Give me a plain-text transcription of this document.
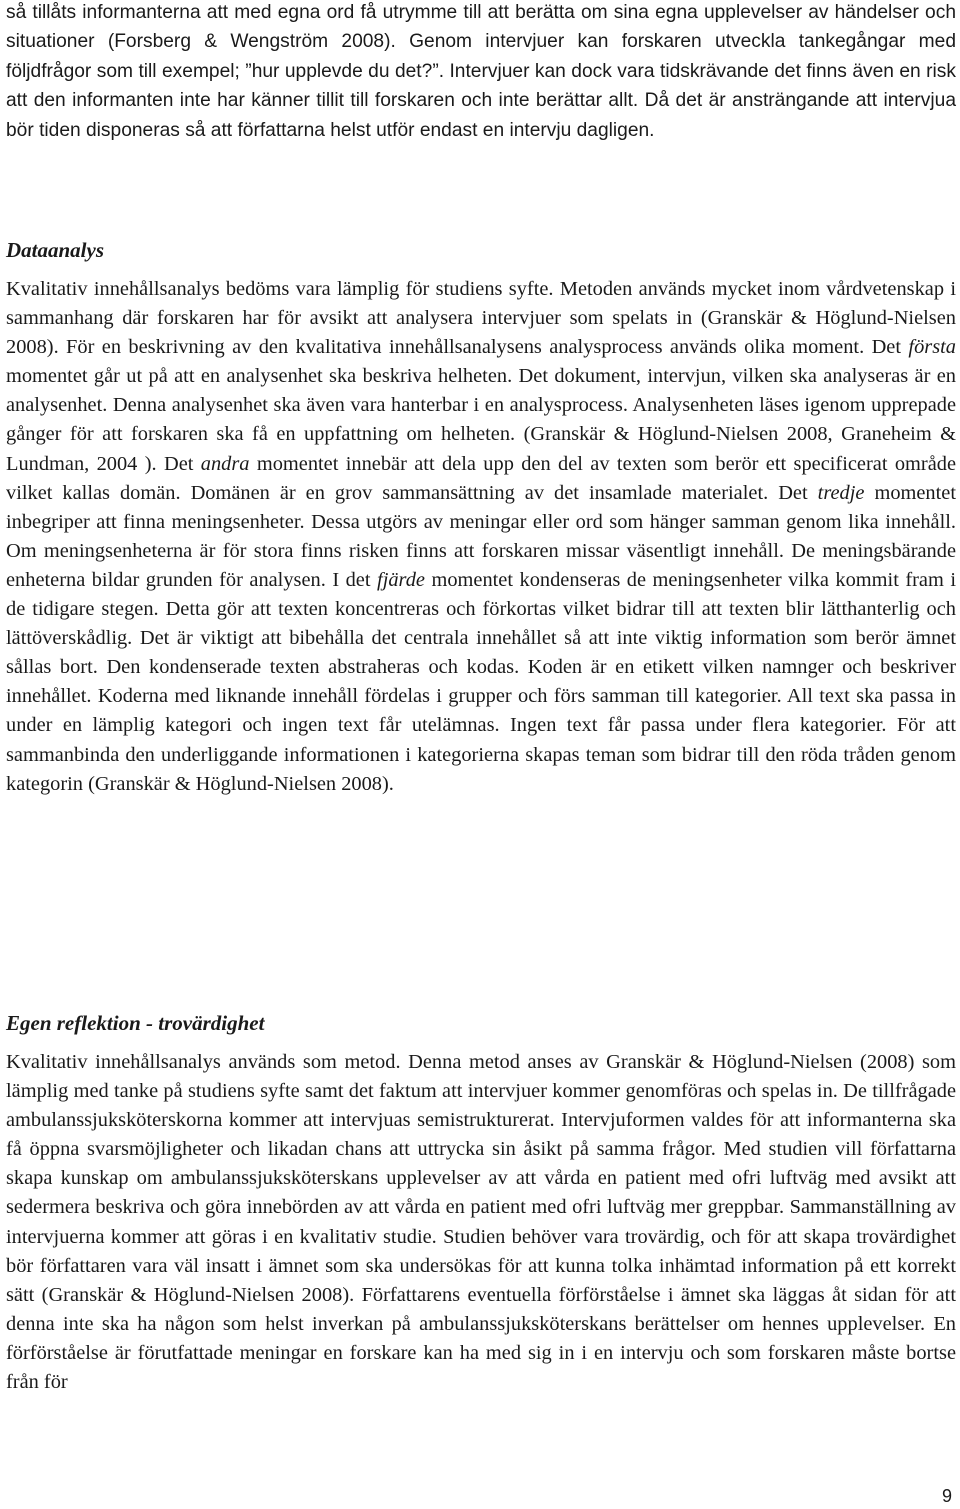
så tillåts informanterna att med egna ord få utrymme till att berätta om sina egna upplevelser av händelser och situationer (Forsberg & Wengström 2008). Genom intervjuer kan forskaren utveckla tankegångar med följdfrågor som till exempel; ”hur upplevde du det?”. Intervjuer kan dock vara tidskrävande det finns även en risk att den informanten inte har känner tillit till forskaren och inte berättar allt. Då det är ansträngande att intervjua bör tiden disponeras så att författarna helst utför endast en intervju dagligen.

Dataanalys

Kvalitativ innehållsanalys bedöms vara lämplig för studiens syfte. Metoden används mycket inom vårdvetenskap i sammanhang där forskaren har för avsikt att analysera intervjuer som spelats in (Granskär & Höglund-Nielsen 2008). För en beskrivning av den kvalitativa innehållsanalysens analysprocess används olika moment. Det första momentet går ut på att en analysenhet ska beskriva helheten. Det dokument, intervjun, vilken ska analyseras är en analysenhet. Denna analysenhet ska även vara hanterbar i en analysprocess. Analysenheten läses igenom upprepade gånger för att forskaren ska få en uppfattning om helheten. (Granskär & Höglund-Nielsen 2008, Graneheim & Lundman, 2004 ). Det andra momentet innebär att dela upp den del av texten som berör ett specificerat område vilket kallas domän. Domänen är en grov sammansättning av det insamlade materialet. Det tredje momentet inbegriper att finna meningsenheter. Dessa utgörs av meningar eller ord som hänger samman genom lika innehåll. Om meningsenheterna är för stora finns risken finns att forskaren missar väsentligt innehåll. De meningsbärande enheterna bildar grunden för analysen. I det fjärde momentet kondenseras de meningsenheter vilka kommit fram i de tidigare stegen. Detta gör att texten koncentreras och förkortas vilket bidrar till att texten blir lätthanterlig och lättöverskådlig. Det är viktigt att bibehålla det centrala innehållet så att inte viktig information som berör ämnet sållas bort. Den kondenserade texten abstraheras och kodas. Koden är en etikett vilken namnger och beskriver innehållet. Koderna med liknande innehåll fördelas i grupper och förs samman till kategorier. All text ska passa in under en lämplig kategori och ingen text får utelämnas. Ingen text får passa under flera kategorier. För att sammanbinda den underliggande informationen i kategorierna skapas teman som bidrar till den röda tråden genom kategorin (Granskär & Höglund-Nielsen 2008).

Egen reflektion - trovärdighet

Kvalitativ innehållsanalys används som metod. Denna metod anses av Granskär & Höglund-Nielsen (2008) som lämplig med tanke på studiens syfte samt det faktum att intervjuer kommer genomföras och spelas in. De tillfrågade ambulanssjuksköterskorna kommer att intervjuas semistrukturerat. Intervjuformen valdes för att informanterna ska få öppna svarsmöjligheter och likadan chans att uttrycka sin åsikt på samma frågor. Med studien vill författarna skapa kunskap om ambulanssjuksköterskans upplevelser av att vårda en patient med ofri luftväg med avsikt att sedermera beskriva och göra innebörden av att vårda en patient med ofri luftväg mer greppbar. Sammanställning av intervjuerna kommer att göras i en kvalitativ studie. Studien behöver vara trovärdig, och för att skapa trovärdighet bör författaren vara väl insatt i ämnet som ska undersökas för att kunna tolka inhämtad information på ett korrekt sätt (Granskär & Höglund-Nielsen 2008). Författarens eventuella förförståelse i ämnet ska läggas åt sidan för att denna inte ska ha någon som helst inverkan på ambulanssjuksköterskans berättelser om hennes upplevelser. En förförståelse är förutfattade meningar en forskare kan ha med sig in i en intervju och som forskaren måste bortse från för

9
